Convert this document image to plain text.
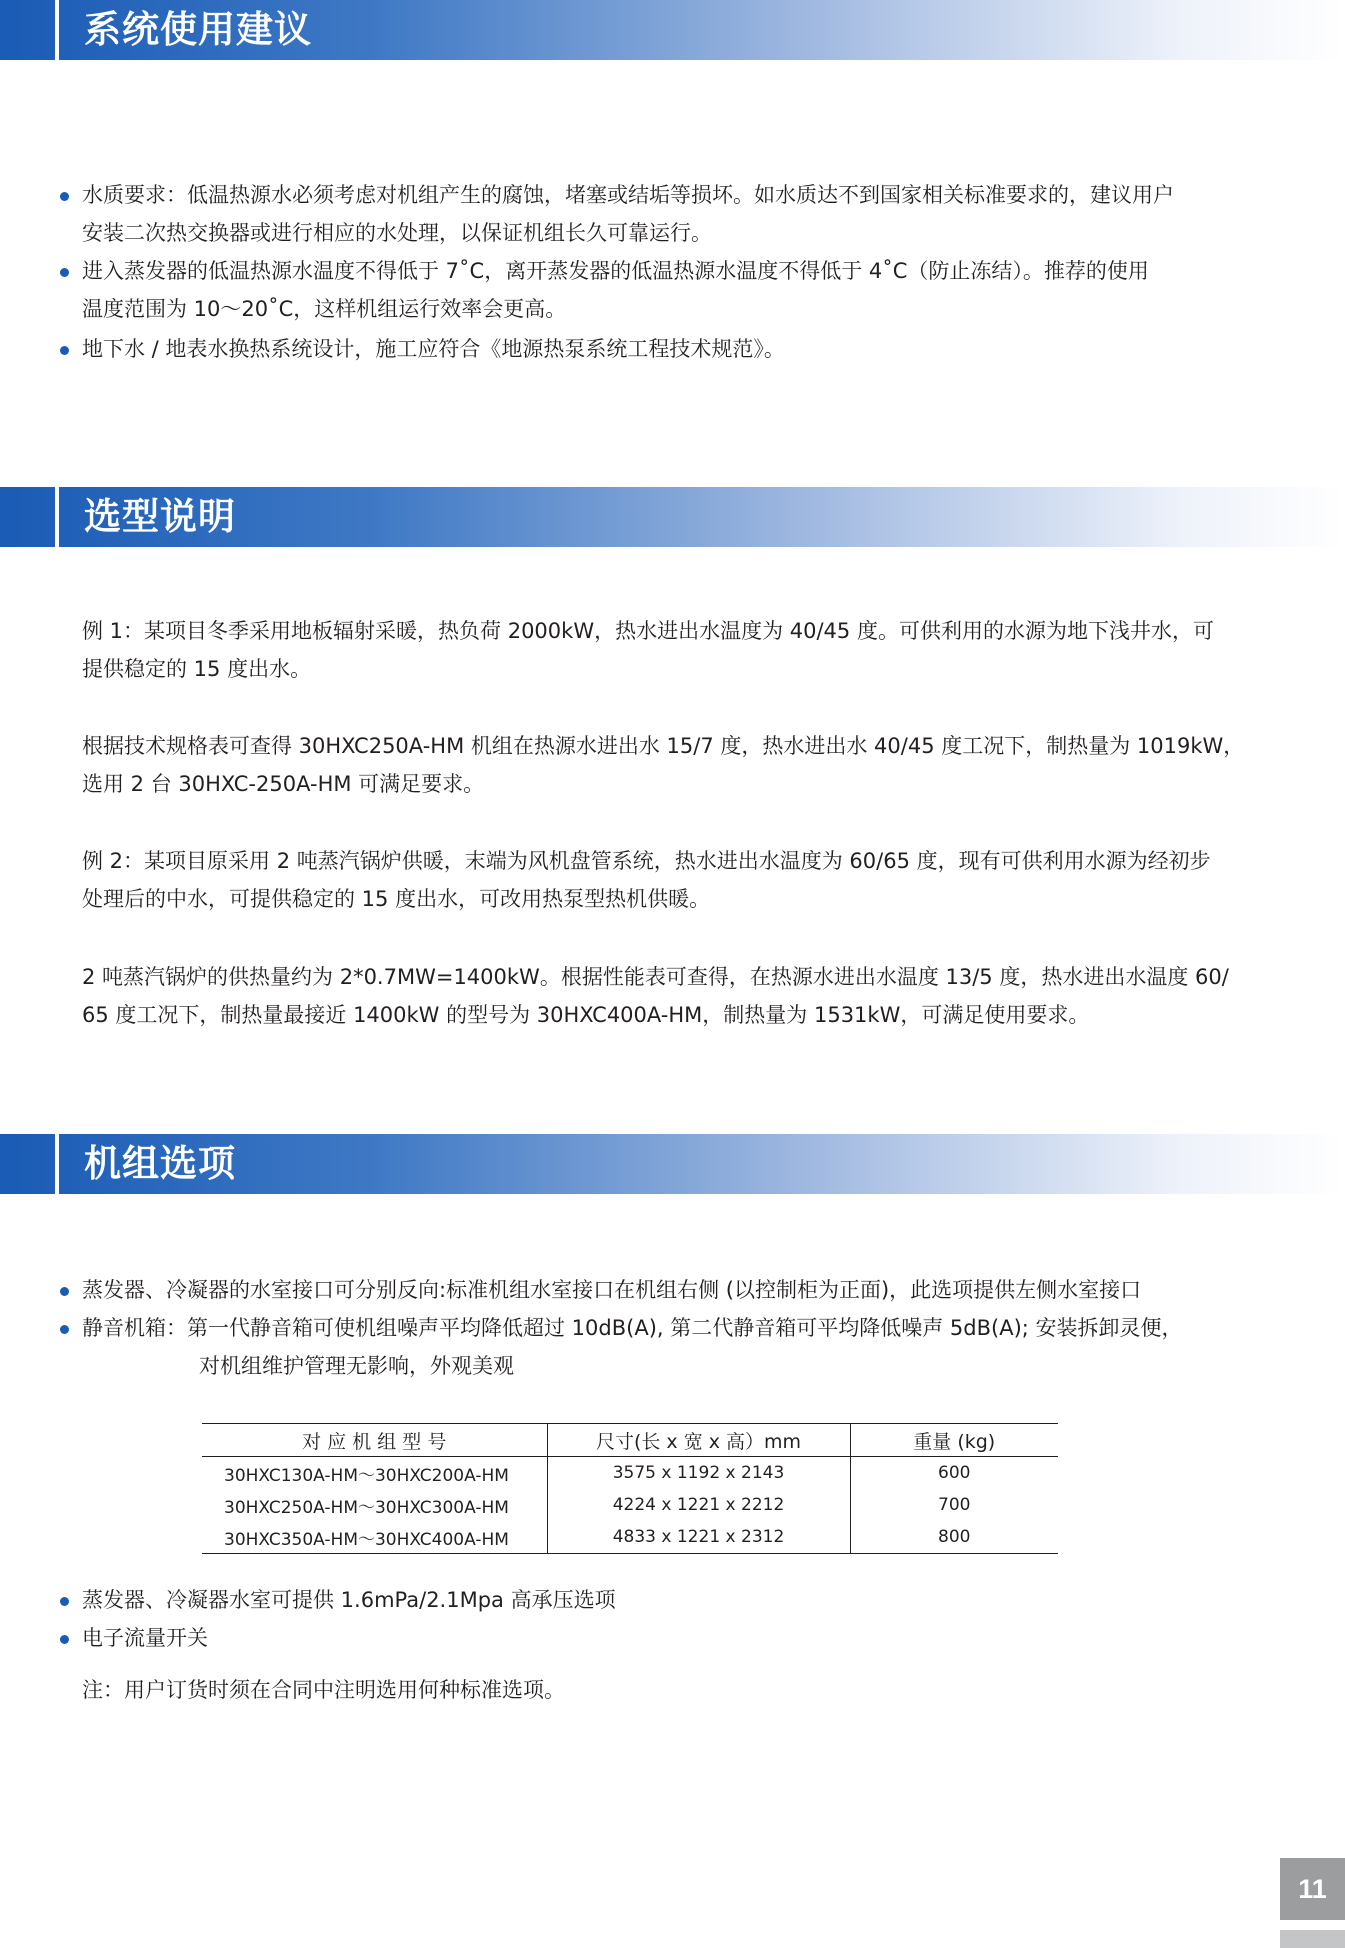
系统使用建议
水质要求：低温热源水必须考虑对机组产生的腐蚀，堵塞或结垢等损坏。如水质达不到国家相关标准要求的，建议用户
安装二次热交换器或进行相应的水处理，以保证机组长久可靠运行。
进入蒸发器的低温热源水温度不得低于 7˚C，离开蒸发器的低温热源水温度不得低于 4˚C（防止冻结）。推荐的使用
温度范围为 10～20˚C，这样机组运行效率会更高。
地下水 / 地表水换热系统设计，施工应符合《地源热泵系统工程技术规范》。
选型说明
例 1：某项目冬季采用地板辐射采暖，热负荷 2000kW，热水进出水温度为 40/45 度。可供利用的水源为地下浅井水，可
提供稳定的 15 度出水。
根据技术规格表可查得 30HXC250A-HM 机组在热源水进出水 15/7 度，热水进出水 40/45 度工况下，制热量为 1019kW，
选用 2 台 30HXC-250A-HM 可满足要求。
例 2：某项目原采用 2 吨蒸汽锅炉供暖，末端为风机盘管系统，热水进出水温度为 60/65 度，现有可供利用水源为经初步
处理后的中水，可提供稳定的 15 度出水，可改用热泵型热机供暖。
2 吨蒸汽锅炉的供热量约为 2*0.7MW=1400kW。根据性能表可查得，在热源水进出水温度 13/5 度，热水进出水温度 60/
65 度工况下，制热量最接近 1400kW 的型号为 30HXC400A-HM，制热量为 1531kW，可满足使用要求。
机组选项
蒸发器、冷凝器的水室接口可分别反向:标准机组水室接口在机组右侧 (以控制柜为正面)，此选项提供左侧水室接口
静音机箱：第一代静音箱可使机组噪声平均降低超过 10dB(A), 第二代静音箱可平均降低噪声 5dB(A); 安装拆卸灵便，
对机组维护管理无影响，外观美观
对 应 机 组 型 号	尺寸(长 x 宽 x 高）mm	重量 (kg)
30HXC130A-HM～30HXC200A-HM	3575 x 1192 x 2143	600
30HXC250A-HM～30HXC300A-HM	4224 x 1221 x 2212	700
30HXC350A-HM～30HXC400A-HM	4833 x 1221 x 2312	800
蒸发器、冷凝器水室可提供 1.6mPa/2.1Mpa 高承压选项
电子流量开关
注：用户订货时须在合同中注明选用何种标准选项。
11
